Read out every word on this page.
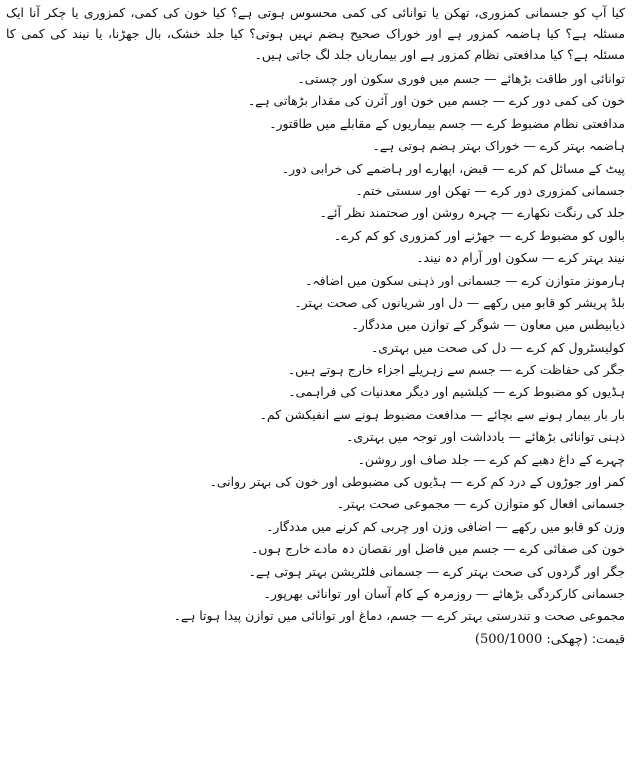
کیا آپ کو جسمانی کمزوری، تھکن یا توانائی کی کمی محسوس ہوتی ہے؟ کیا خون کی کمی، کمزوری یا چکر آنا ایک مسئلہ ہے؟ کیا ہاضمہ کمزور ہے اور خوراک صحیح ہضم نہیں ہوتی؟ کیا جلد خشک، بال جھڑنا، یا نیند کی کمی کا مسئلہ ہے؟ کیا مدافعتی نظام کمزور ہے اور بیماریاں جلد لگ جاتی ہیں۔

توانائی اور طاقت بڑھائے — جسم میں فوری سکون اور چستی۔
خون کی کمی دور کرے — جسم میں خون اور آئرن کی مقدار بڑھاتی ہے۔
مدافعتی نظام مضبوط کرے — جسم بیماریوں کے مقابلے میں طاقتور۔
ہاضمہ بہتر کرے — خوراک بہتر ہضم ہوتی ہے۔
پیٹ کے مسائل کم کرے — قبض، اپھارے اور ہاضمے کی خرابی دور۔
جسمانی کمزوری دور کرے — تھکن اور سستی ختم۔
جلد کی رنگت نکھارے — چہرہ روشن اور صحتمند نظر آئے۔
بالوں کو مضبوط کرے — جھڑنے اور کمزوری کو کم کرے۔
نیند بہتر کرے — سکون اور آرام دہ نیند۔
ہارمونز متوازن کرے — جسمانی اور ذہنی سکون میں اضافہ۔
بلڈ پریشر کو قابو میں رکھے — دل اور شریانوں کی صحت بہتر۔
ذیابیطس میں معاون — شوگر کے توازن میں مددگار۔
کولیسٹرول کم کرے — دل کی صحت میں بہتری۔
جگر کی حفاظت کرے — جسم سے زہریلے اجزاء خارج ہوتے ہیں۔
ہڈیوں کو مضبوط کرے — کیلشیم اور دیگر معدنیات کی فراہمی۔
بار بار بیمار ہونے سے بچائے — مدافعت مضبوط ہونے سے انفیکشن کم۔
ذہنی توانائی بڑھائے — یادداشت اور توجہ میں بہتری۔
چہرے کے داغ دھبے کم کرے — جلد صاف اور روشن۔
کمر اور جوڑوں کے درد کم کرے — ہڈیوں کی مضبوطی اور خون کی بہتر روانی۔
جسمانی افعال کو متوازن کرے — مجموعی صحت بہتر۔
وزن کو قابو میں رکھے — اضافی وزن اور چربی کم کرنے میں مددگار۔
خون کی صفائی کرے — جسم میں فاضل اور نقصان دہ مادے خارج ہوں۔
جگر اور گردوں کی صحت بہتر کرے — جسمانی فلٹریشن بہتر ہوتی ہے۔
جسمانی کارکردگی بڑھائے — روزمرہ کے کام آسان اور توانائی بھرپور۔
مجموعی صحت و تندرستی بہتر کرے — جسم، دماغ اور توانائی میں توازن پیدا ہوتا ہے۔
قیمت: (500/1000 :چھکی)
